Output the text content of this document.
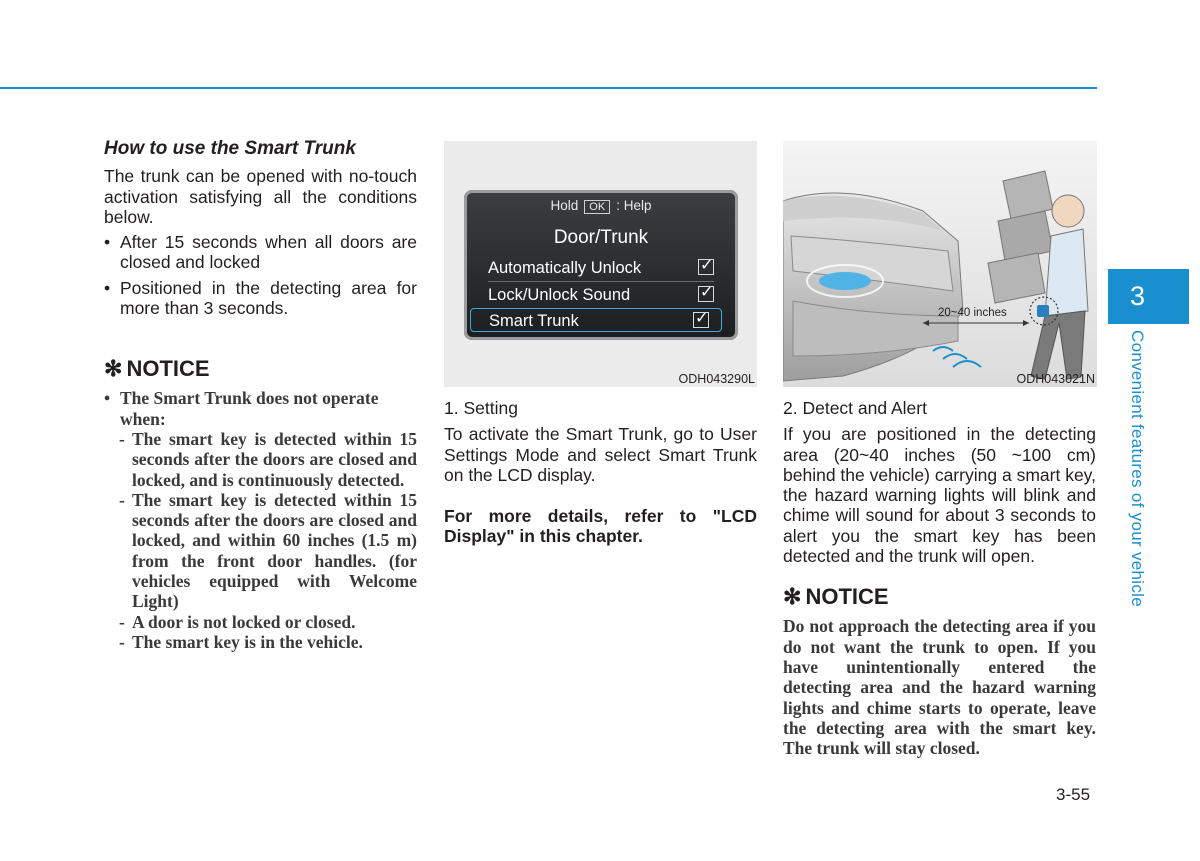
How to use the Smart Trunk
The trunk can be opened with no-touch activation satisfying all the conditions below.
• After 15 seconds when all doors are closed and locked
• Positioned in the detecting area for more than 3 seconds.
✻ NOTICE
• The Smart Trunk does not operate when:
- The smart key is detected within 15 seconds after the doors are closed and locked, and is continuously detected.
- The smart key is detected within 15 seconds after the doors are closed and locked, and within 60 inches (1.5 m) from the front door handles. (for vehicles equipped with Welcome Light)
- A door is not locked or closed.
- The smart key is in the vehicle.
Hold OK : Help
Door/Trunk
Automatically Unlock	✓
Lock/Unlock Sound	✓
Smart Trunk	✓
ODH043290L
1. Setting
To activate the Smart Trunk, go to User Settings Mode and select Smart Trunk on the LCD display.
For more details, refer to "LCD Display" in this chapter.
20~40 inches
ODH043021N
2. Detect and Alert
If you are positioned in the detecting area (20~40 inches (50 ~100 cm) behind the vehicle) carrying a smart key, the hazard warning lights will blink and chime will sound for about 3 seconds to alert you the smart key has been detected and the trunk will open.
✻ NOTICE
Do not approach the detecting area if you do not want the trunk to open. If you have unintentionally entered the detecting area and the hazard warning lights and chime starts to operate, leave the detecting area with the smart key. The trunk will stay closed.
3
Convenient features of your vehicle
3-55
